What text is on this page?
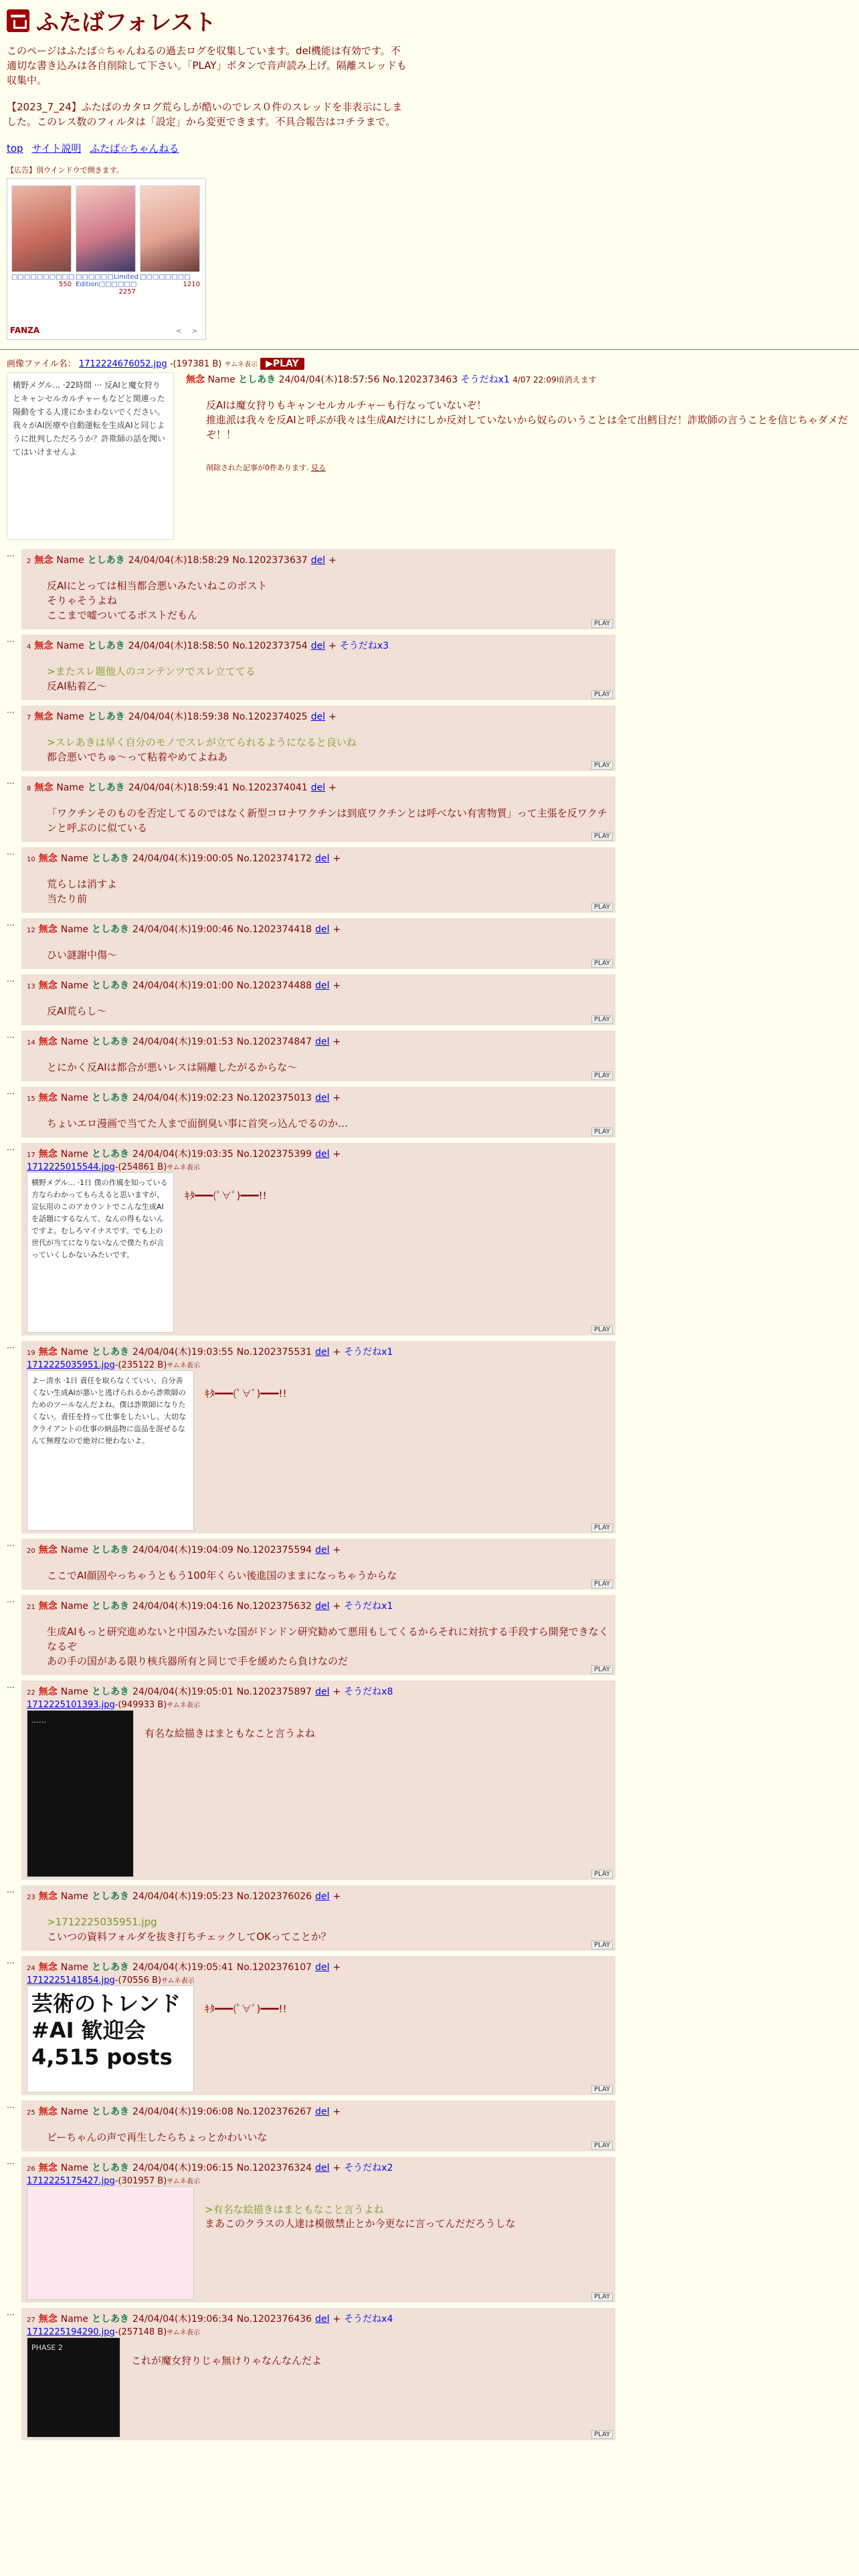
ふたばフォレスト

このページはふたば☆ちゃんねるの過去ログを収集しています。del機能は有効です。不適切な書き込みは各自削除して下さい。「PLAY」ボタンで音声読み上げ。隔離スレッドも収集中。

【2023_7_24】ふたばのカタログ荒らしが酷いのでレス０件のスレッドを非表示にしました。このレス数のフィルタは「設定」から変更できます。不具合報告はコチラまで。

top サイト説明 ふたば☆ちゃんねる
【広告】別ウインドウで開きます。
□□□□□□□□□□
550
□□□□□□Limited Edition□□□□□□
2257
□□□□□□□□
1210
FANZA	< >
画像ファイル名： 1712224676052.jpg -(197381 B) サムネ表示 ▶PLAY
横野メグル... ·22時間 ··· 反AIと魔女狩りとキャンセルカルチャーもなどと関連った陽動をする人達にかまわないでください。我々がAI医療や自動運転を生成AIと同じように批判しただろうか？許欺師の話を聞いてはいけませんよ
無念 Name としあき 24/04/04(木)18:57:56 No.1202373463 そうだねx1 4/07 22:09頃消えます
反AIは魔女狩りもキャンセルカルチャーも行なっていないぞ！
推進派は我々を反AIと呼ぶが我々は生成AIだけにしか反対していないから奴らのいうことは全て出鱈目だ！詐欺師の言うことを信じちゃダメだぞ！！
削除された記事が0件あります. 見る
…
2 無念 Name としあき 24/04/04(木)18:58:29 No.1202373637 del +
反AIにとっては相当都合悪いみたいねこのポスト
そりゃそうよね
ここまで嘘ついてるポストだもん
PLAY
…
4 無念 Name としあき 24/04/04(木)18:58:50 No.1202373754 del + そうだねx3
>またスレ題他人のコンテンツでスレ立ててる
反AI粘着乙〜
PLAY
…
7 無念 Name としあき 24/04/04(木)18:59:38 No.1202374025 del +
>スレあきは早く自分のモノでスレが立てられるようになると良いね
都合悪いでちゅ〜って粘着やめてよねあ
PLAY
…
8 無念 Name としあき 24/04/04(木)18:59:41 No.1202374041 del +
「ワクチンそのものを否定してるのではなく新型コロナワクチンは到底ワクチンとは呼べない有害物質」って主張を反ワクチンと呼ぶのに似ている
PLAY
…
10 無念 Name としあき 24/04/04(木)19:00:05 No.1202374172 del +
荒らしは消すよ
当たり前
PLAY
…
12 無念 Name としあき 24/04/04(木)19:00:46 No.1202374418 del +
ひい謎謝中傷〜
PLAY
…
13 無念 Name としあき 24/04/04(木)19:01:00 No.1202374488 del +
反AI荒らし〜
PLAY
…
14 無念 Name としあき 24/04/04(木)19:01:53 No.1202374847 del +
とにかく反AIは都合が悪いレスは隔離したがるからな〜
PLAY
…
15 無念 Name としあき 24/04/04(木)19:02:23 No.1202375013 del +
ちょいエロ漫画で当てた人まで面倒臭い事に首突っ込んでるのか…
PLAY
…
17 無念 Name としあき 24/04/04(木)19:03:35 No.1202375399 del +
1712225015544.jpg-(254861 B)サムネ表示
横野メグル... ·1日 僕の作風を知っている方ならわかってもらえると思いますが、宣伝用のこのアカウントでこんな生成AIを話題にするなんて、なんの得もないんですよ。むしろマイナスです。でも上の世代が当てになりないなんで僕たちが言っていくしかないみたいです。
ｷﾀ━━━(ﾟ∀ﾟ)━━━!!
PLAY
…
19 無念 Name としあき 24/04/04(木)19:03:55 No.1202375531 del + そうだねx1
1712225035951.jpg-(235122 B)サムネ表示
よー清水 ·1日 責任を取らなくていい、自分善くない生成AIが悪いと逃げられるから詐欺師のためのツールなんだよね。僕は詐欺師になりたくない。責任を持って仕事をしたいし、大切なクライアントの仕事の納品物に盗品を混ぜるなんて無理なので絶対に使わないよ。
ｷﾀ━━━(ﾟ∀ﾟ)━━━!!
PLAY
…
20 無念 Name としあき 24/04/04(木)19:04:09 No.1202375594 del +
ここでAI顔固やっちゃうともう100年くらい後進国のままになっちゃうからな
PLAY
…
21 無念 Name としあき 24/04/04(木)19:04:16 No.1202375632 del + そうだねx1
生成AIもっと研究進めないと中国みたいな国がドンドン研究勧めて悪用もしてくるからそれに対抗する手段すら開発できなくなるぞ
あの手の国がある限り核兵器所有と同じで手を緩めたら負けなのだ
PLAY
…
22 無念 Name としあき 24/04/04(木)19:05:01 No.1202375897 del + そうだねx8
1712225101393.jpg-(949933 B)サムネ表示
……
有名な絵描きはまともなこと言うよね
PLAY
…
23 無念 Name としあき 24/04/04(木)19:05:23 No.1202376026 del +
>1712225035951.jpg
こいつの資料フォルダを抜き打ちチェックしてOKってことか？
PLAY
…
24 無念 Name としあき 24/04/04(木)19:05:41 No.1202376107 del +
1712225141854.jpg-(70556 B)サムネ表示
芸術のトレンド #AI 歓迎会 4,515 posts
ｷﾀ━━━(ﾟ∀ﾟ)━━━!!
PLAY
…
25 無念 Name としあき 24/04/04(木)19:06:08 No.1202376267 del +
ピーちゃんの声で再生したらちょっとかわいいな
PLAY
…
26 無念 Name としあき 24/04/04(木)19:06:15 No.1202376324 del + そうだねx2
1712225175427.jpg-(301957 B)サムネ表示
>有名な絵描きはまともなこと言うよね
まあこのクラスの人達は模倣禁止とか今更なに言ってんだだろうしな
PLAY
…
27 無念 Name としあき 24/04/04(木)19:06:34 No.1202376436 del + そうだねx4
1712225194290.jpg-(257148 B)サムネ表示
PHASE 2
これが魔女狩りじゃ無けりゃなんなんだよ
PLAY
